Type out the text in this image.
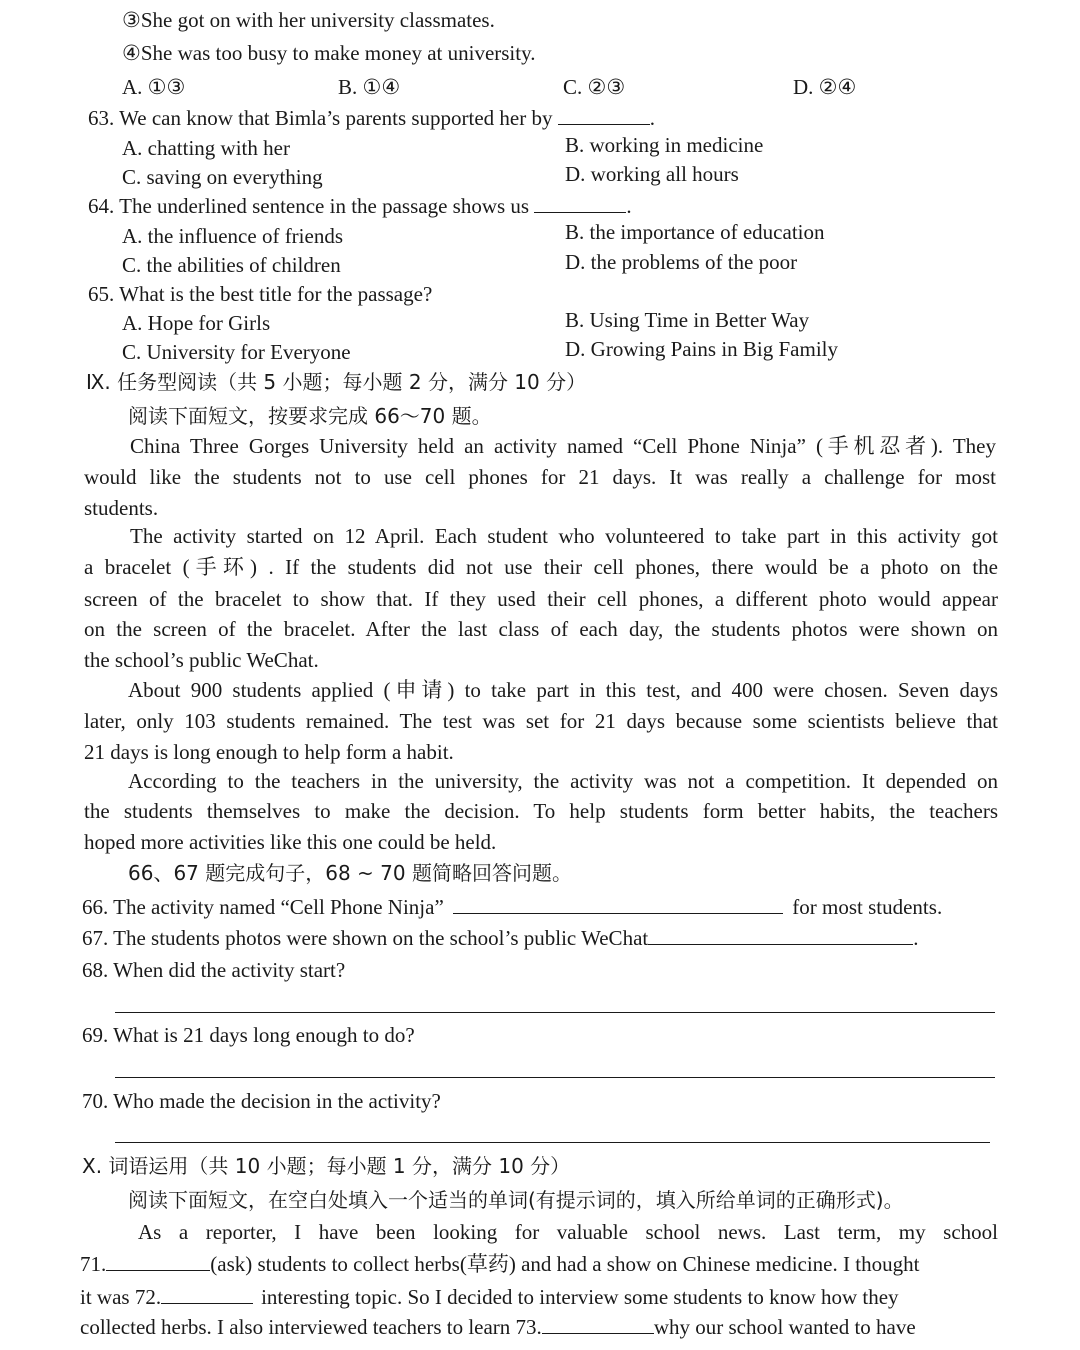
③She got on with her university classmates.
④She was too busy to make money at university.
A. ①③	B. ①④	C. ②③	D. ②④
63. We can know that Bimla’s parents supported her by	.
A. chatting with her	B. working in medicine
C. saving on everything	D. working all hours
64. The underlined sentence in the passage shows us	.
A. the influence of friends	B. the importance of education
C. the abilities of children	D. the problems of the poor
65. What is the best title for the passage?
A. Hope for Girls	B. Using Time in Better Way
C. University for Everyone	D. Growing Pains in Big Family
Ⅸ. 任务型阅读（共 5 小题；每小题 2 分，满分 10 分）
阅读下面短文，按要求完成 66～70 题。
China Three Gorges University held an activity named “Cell Phone Ninja” (手机忍者). They
would like the students not to use cell phones for 21 days. It was really a challenge for most
students.
The activity started on 12 April. Each student who volunteered to take part in this activity got
a bracelet (手环) . If the students did not use their cell phones, there would be a photo on the
screen of the bracelet to show that. If they used their cell phones, a different photo would appear
on the screen of the bracelet. After the last class of each day, the students photos were shown on
the school’s public WeChat.
About 900 students applied (申请) to take part in this test, and 400 were chosen. Seven days
later, only 103 students remained. The test was set for 21 days because some scientists believe that
21 days is long enough to help form a habit.
According to the teachers in the university, the activity was not a competition. It depended on
the students themselves to make the decision. To help students form better habits, the teachers
hoped more activities like this one could be held.
66、67 题完成句子，68 ~ 70 题简略回答问题。
66. The activity named “Cell Phone Ninja”	for most students.
67. The students photos were shown on the school’s public WeChat	.
68. When did the activity start?
69. What is 21 days long enough to do?
70. Who made the decision in the activity?
X. 词语运用（共 10 小题；每小题 1 分，满分 10 分）
阅读下面短文，在空白处填入一个适当的单词(有提示词的，填入所给单词的正确形式)。
As a reporter, I have been looking for valuable school news. Last term, my school
71.	(ask) students to collect herbs(草药) and had a show on Chinese medicine. I thought
it was 72.	interesting topic. So I decided to interview some students to know how they
collected herbs. I also interviewed teachers to learn 73.	why our school wanted to have
